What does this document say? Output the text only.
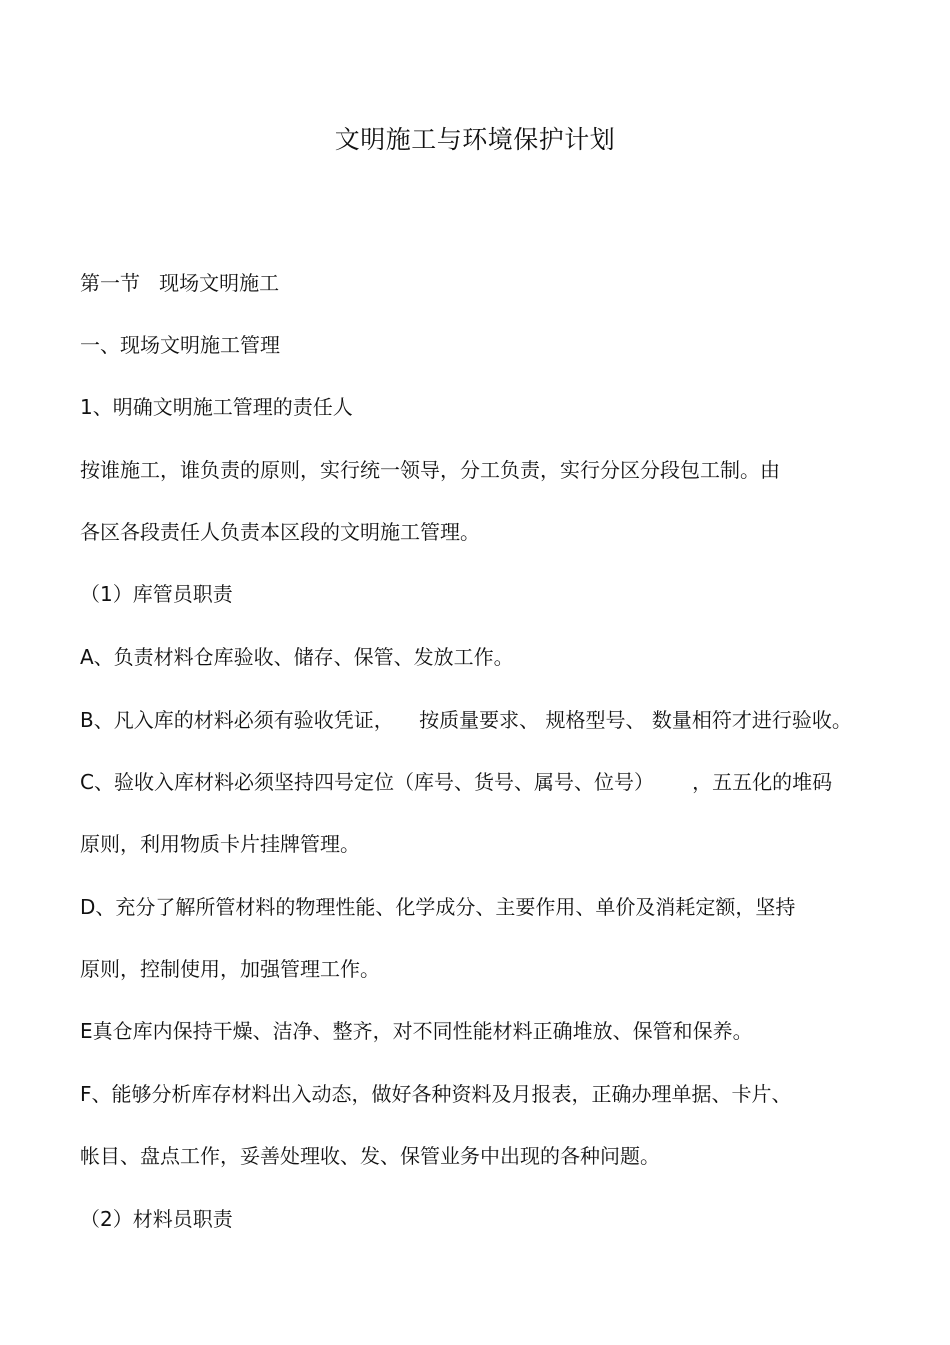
文明施工与环境保护计划
第一节   现场文明施工
一、现场文明施工管理
1、明确文明施工管理的责任人
按谁施工，谁负责的原则，实行统一领导，分工负责，实行分区分段包工制。由
各区各段责任人负责本区段的文明施工管理。
（1）库管员职责
A、负责材料仓库验收、储存、保管、发放工作。
B、凡入库的材料必须有验收凭证，    按质量要求、 规格型号、 数量相符才进行验收。
C、验收入库材料必须坚持四号定位（库号、货号、属号、位号）      ，五五化的堆码
原则，利用物质卡片挂牌管理。
D、充分了解所管材料的物理性能、化学成分、主要作用、单价及消耗定额，坚持
原则，控制使用，加强管理工作。
E真仓库内保持干燥、洁净、整齐，对不同性能材料正确堆放、保管和保养。
F、能够分析库存材料出入动态，做好各种资料及月报表，正确办理单据、卡片、
帐目、盘点工作，妥善处理收、发、保管业务中出现的各种问题。
（2）材料员职责
